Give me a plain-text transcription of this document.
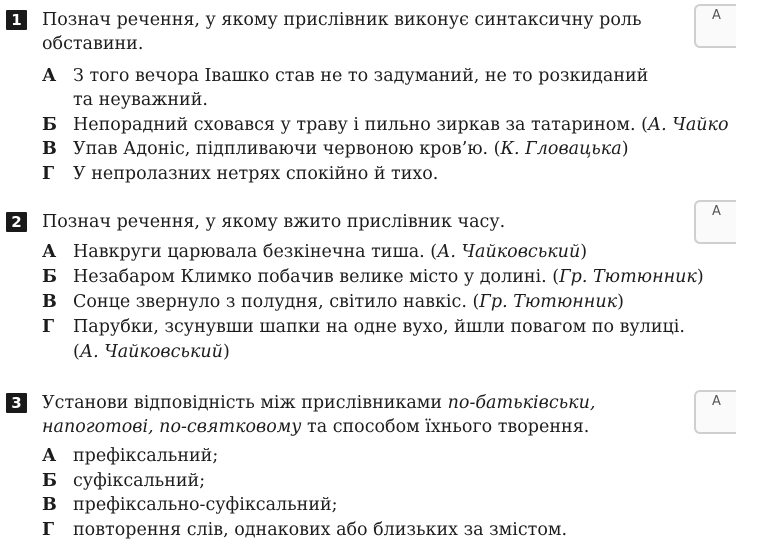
1	Познач речення, у якому прислівник виконує синтаксичну роль обставини.

А З того вечора Івашко став не то задуманий, не то розкиданий
та неуважний.
Б Непорадний сховався у траву і пильно зиркав за татарином. (А. Чайко
В Упав Адоніс, підпливаючи червоною кров’ю. (К. Гловацька)
Г У непролазних нетрях спокійно й тихо.
А
2	Познач речення, у якому вжито прислівник часу.

А Навкруги царювала безкінечна тиша. (А. Чайковський)
Б Незабаром Климко побачив велике місто у долині. (Гр. Тютюнник)
В Сонце звернуло з полудня, світило навкіс. (Гр. Тютюнник)
Г Парубки, зсунувши шапки на одне вухо, йшли повагом по вулиці.
(А. Чайковський)
А
3	Установи відповідність між прислівниками по-батьківськи,
напоготові, по-святковому та способом їхнього творення.

А префіксальний;
Б суфіксальний;
В префіксально-суфіксальний;
Г повторення слів, однакових або близьких за змістом.
А
